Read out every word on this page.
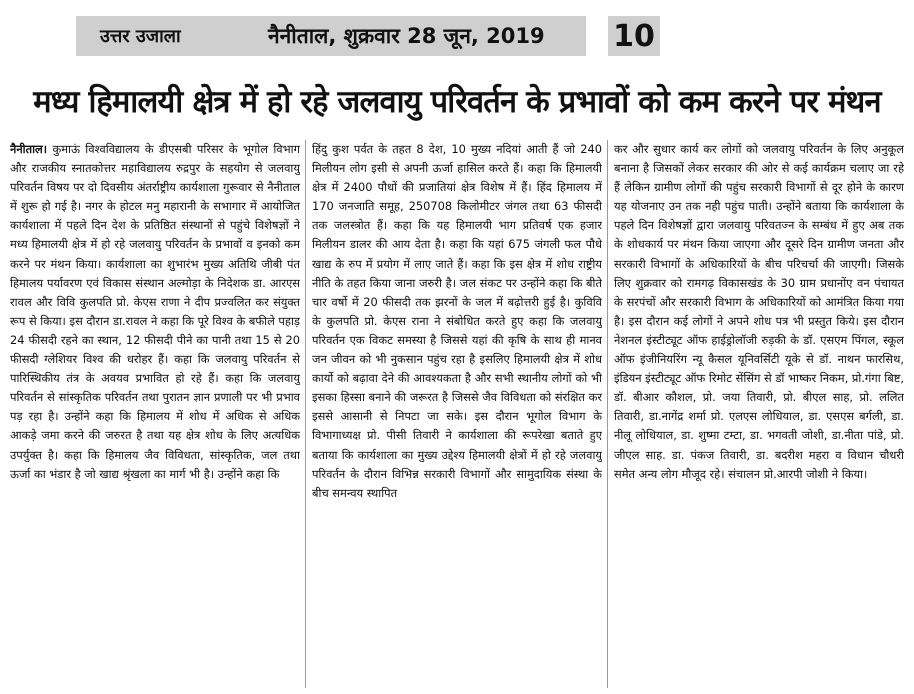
उत्तर उजाला	नैनीताल, शुक्रवार 28 जून, 2019 10
मध्य हिमालयी क्षेत्र में हो रहे जलवायु परिवर्तन के प्रभावों को कम करने पर मंथन
नैनीताल। कुमाऊं विश्वविद्यालय के डीएसबी परिसर के भूगोल विभाग और राजकीय स्नातकोत्तर महाविद्यालय रुद्रपुर के सहयोग से जलवायु परिवर्तन विषय पर दो दिवसीय अंतर्राष्ट्रीय कार्यशाला गुरूवार से नैनीताल में शुरू हो गई है। नगर के होटल मनु महारानी के सभागार में आयोजित कार्यशाला में पहले दिन देश के प्रतिष्ठित संस्थानों से पहुंचे विशेषज्ञों ने मध्य हिमालयी क्षेत्र में हो रहे जलवायु परिवर्तन के प्रभावों व इनको कम करने पर मंथन किया। कार्यशाला का शुभारंभ मुख्य अतिथि जीबी पंत हिमालय पर्यावरण एवं विकास संस्थान अल्मोड़ा के निदेशक डा. आरएस रावल और विवि कुलपति प्रो. केएस राणा ने दीप प्रज्वलित कर संयुक्त रूप से किया। इस दौरान डा.रावल ने कहा कि पूरे विश्व के बफीले पहाड़ 24 फीसदी रहने का स्थान, 12 फीसदी पीने का पानी तथा 15 से 20 फीसदी ग्लेशियर विश्व की धरोहर हैं। कहा कि जलवायु परिवर्तन से पारिस्थिकीय तंत्र के अवयव प्रभावित हो रहे हैं। कहा कि जलवायु परिवर्तन से सांस्कृतिक परिवर्तन तथा पुरातन ज्ञान प्रणाली पर भी प्रभाव पड़ रहा है। उन्होंने कहा कि हिमालय में शोध में अधिक से अधिक आकड़े जमा करने की जरुरत है तथा यह क्षेत्र शोध के लिए अत्यधिक उपर्युक्त है। कहा कि हिमालय जैव विविधता, सांस्कृतिक, जल तथा ऊर्जा का भंडार है जो खाद्य श्रृंखला का मार्ग भी है। उन्होंने कहा कि
हिंदु कुश पर्वत के तहत 8 देश, 10 मुख्य नदियां आती हैं जो 240 मिलीयन लोग इसी से अपनी ऊर्जा हासिल करते हैं। कहा कि हिमालयी क्षेत्र में 2400 पौधों की प्रजातियां क्षेत्र विशेष में हैं। हिंद हिमालय में 170 जनजाति समूह, 250708 किलोमीटर जंगल तथा 63 फीसदी तक जलस्त्रोत हैं। कहा कि यह हिमालयी भाग प्रतिवर्ष एक हजार मिलीयन डालर की आय देता है। कहा कि यहां 675 जंगली फल पौधे खाद्य के रुप में प्रयोग में लाए जाते हैं। कहा कि इस क्षेत्र में शोध राष्ट्रीय नीति के तहत किया जाना जरुरी है। जल संकट पर उन्होंने कहा कि बीते चार वर्षो में 20 फीसदी तक झरनों के जल में बढ़ोत्तरी हुई है। कुविवि के कुलपति प्रो. केएस राना ने संबोधित करते हुए कहा कि जलवायु परिवर्तन एक विकट समस्या है जिससे यहां की कृषि के साथ ही मानव जन जीवन को भी नुकसान पहुंच रहा है इसलिए हिमालयी क्षेत्र में शोध कार्यो को बढ़ावा देने की आवश्यकता है और सभी स्थानीय लोगों को भी इसका हिस्सा बनाने की जरूरत है जिससे जैव विविधता को संरक्षित कर इससे आसानी से निपटा जा सके। इस दौरान भूगोल विभाग के विभागाध्यक्ष प्रो. पीसी तिवारी ने कार्यशाला की रूपरेखा बताते हुए बताया कि कार्यशाला का मुख्य उद्देश्य हिमालयी क्षेत्रों में हो रहे जलवायु परिवर्तन के दौरान विभिन्न सरकारी विभागों और सामुदायिक संस्था के बीच समन्वय स्थापित
कर और सुधार कार्य कर लोगों को जलवायु परिवर्तन के लिए अनुकूल बनाना है जिसकों लेकर सरकार की ओर से कई कार्यक्रम चलाए जा रहे हैं लेकिन ग्रामीण लोगों की पहुंच सरकारी विभागों से दूर होने के कारण यह योजनाए उन तक नही पहुंच पाती। उन्होंने बताया कि कार्यशाला के पहले दिन विशेषज्ञों द्वारा जलवायु परिवतज्न के सम्बंध में हुए अब तक के शोधकार्य पर मंथन किया जाएगा और दूसरे दिन ग्रामीण जनता और सरकारी विभागों के अधिकारियों के बीच परिचर्चा की जाएगी। जिसके लिए शुक्रवार को रामगढ़ विकासखंड के 30 ग्राम प्रधानोंए वन पंचायत के सरपंचों और सरकारी विभाग के अधिकारियों को आमंत्रित किया गया है। इस दौरान कई लोगों ने अपने शोध पत्र भी प्रस्तुत किये। इस दौरान नेशनल इंस्टीट्यूट ऑफ हाईड्रोलॉजी रुड़की के डॉ. एसएम पिंगल, स्कूल ऑफ इंजीनियरिंग न्यू कैसल यूनिवर्सिटी यूके से डॉ. नाथन फारसिथ, इंडियन इंस्टीट्यूट ऑफ रिमोट सेंसिंग से डॉ भाष्कर निकम, प्रो.गंगा बिष्ट, डॉ. बीआर कौशल, प्रो. जया तिवारी, प्रो. बीएल साह, प्रो. ललित तिवारी, डा.नागेंद्र शर्मा प्रो. एलएस लोधियाल, डा. एसएस बर्गली, डा. नीलू लोधियाल, डा. शुष्मा टम्टा, डा. भगवती जोशी, डा.नीता पांडे, प्रो. जीएल साह. डा. पंकज तिवारी, डा. बदरीश महरा व विधान चौधरी समेत अन्य लोग मौजूद रहे। संचालन प्रो.आरपी जोशी ने किया।
